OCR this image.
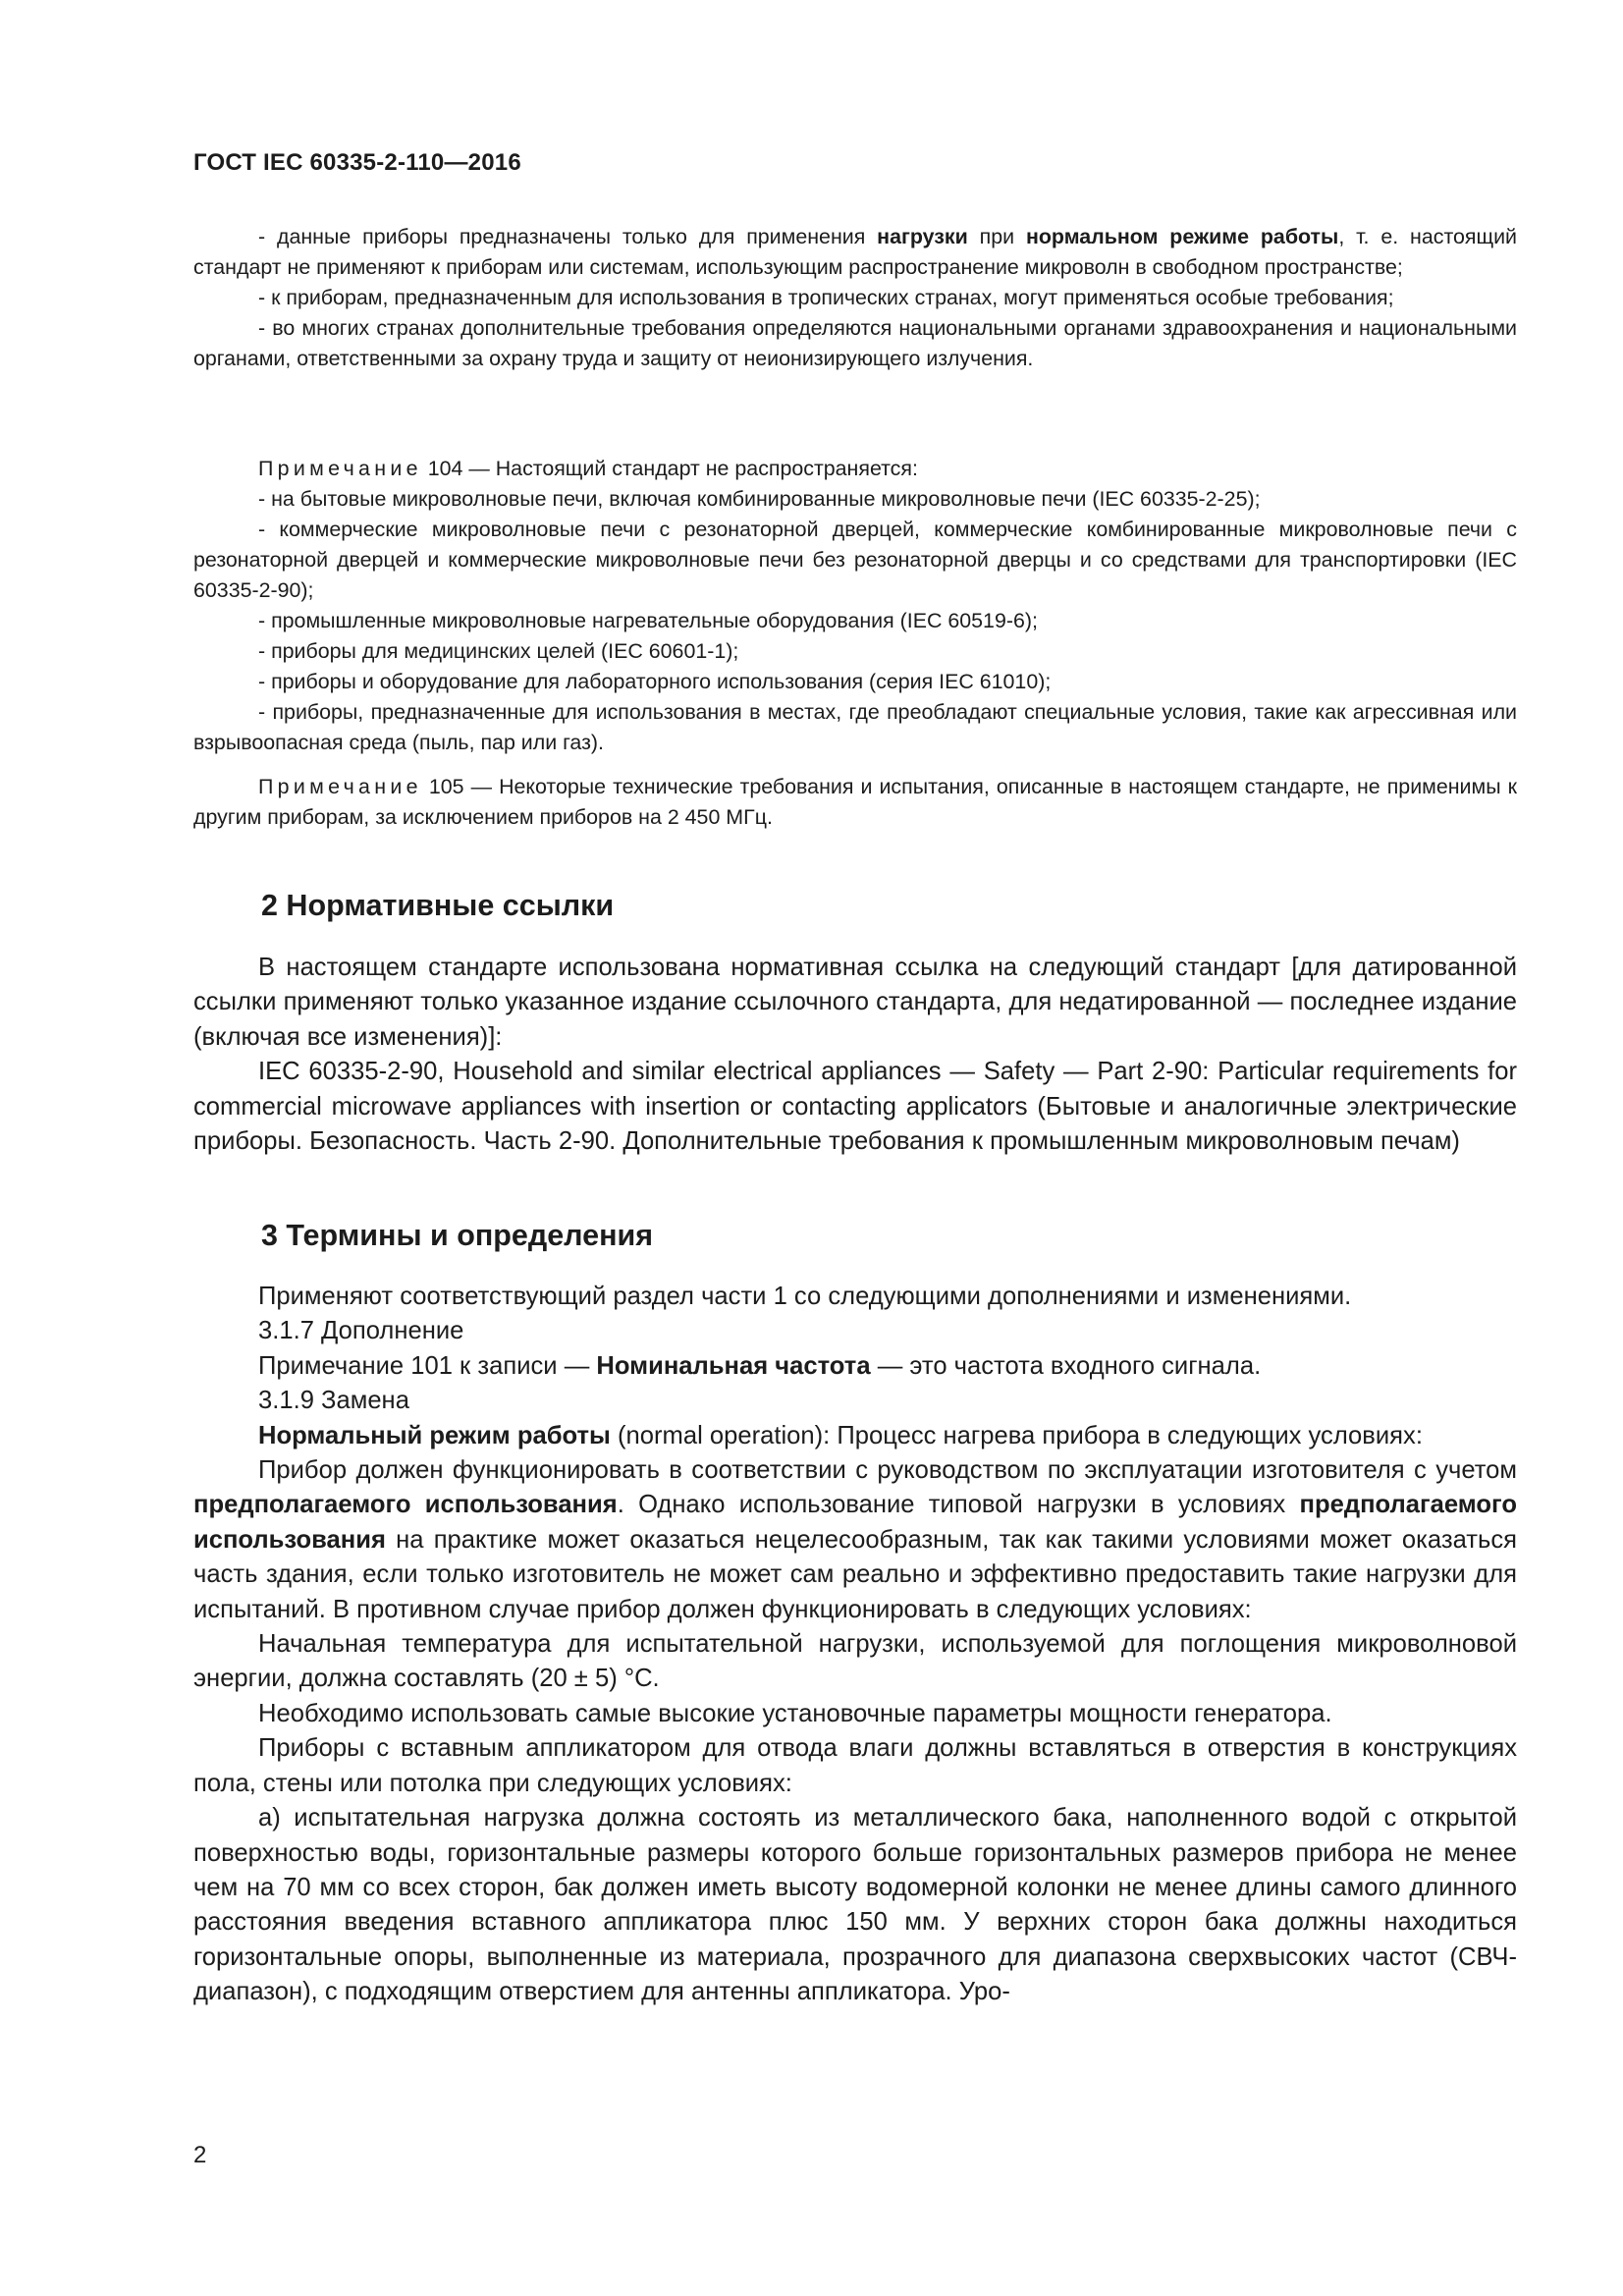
ГОСТ IEC 60335-2-110—2016

- данные приборы предназначены только для применения нагрузки при нормальном режиме работы, т. е. настоящий стандарт не применяют к приборам или системам, использующим распространение микроволн в свободном пространстве;

- к приборам, предназначенным для использования в тропических странах, могут применяться особые требования;

- во многих странах дополнительные требования определяются национальными органами здравоохранения и национальными органами, ответственными за охрану труда и защиту от неионизирующего излучения.

Примечание 104 — Настоящий стандарт не распространяется:

- на бытовые микроволновые печи, включая комбинированные микроволновые печи (IEC 60335-2-25);

- коммерческие микроволновые печи с резонаторной дверцей, коммерческие комбинированные микроволновые печи с резонаторной дверцей и коммерческие микроволновые печи без резонаторной дверцы и со средствами для транспортировки (IEC 60335-2-90);

- промышленные микроволновые нагревательные оборудования (IEC 60519-6);

- приборы для медицинских целей (IEC 60601-1);

- приборы и оборудование для лабораторного использования (серия IEC 61010);

- приборы, предназначенные для использования в местах, где преобладают специальные условия, такие как агрессивная или взрывоопасная среда (пыль, пар или газ).

Примечание 105 — Некоторые технические требования и испытания, описанные в настоящем стандарте, не применимы к другим приборам, за исключением приборов на 2 450 МГц.

2 Нормативные ссылки

В настоящем стандарте использована нормативная ссылка на следующий стандарт [для датированной ссылки применяют только указанное издание ссылочного стандарта, для недатированной — последнее издание (включая все изменения)]:

IEC 60335-2-90, Household and similar electrical appliances — Safety — Part 2-90: Particular requirements for commercial microwave appliances with insertion or contacting applicators (Бытовые и аналогичные электрические приборы. Безопасность. Часть 2-90. Дополнительные требования к промышленным микроволновым печам)

3 Термины и определения

Применяют соответствующий раздел части 1 со следующими дополнениями и изменениями.

3.1.7 Дополнение

Примечание 101 к записи — Номинальная частота — это частота входного сигнала.

3.1.9 Замена

Нормальный режим работы (normal operation): Процесс нагрева прибора в следующих условиях:

Прибор должен функционировать в соответствии с руководством по эксплуатации изготовителя с учетом предполагаемого использования. Однако использование типовой нагрузки в условиях предполагаемого использования на практике может оказаться нецелесообразным, так как такими условиями может оказаться часть здания, если только изготовитель не может сам реально и эффективно предоставить такие нагрузки для испытаний. В противном случае прибор должен функционировать в следующих условиях:

Начальная температура для испытательной нагрузки, используемой для поглощения микроволновой энергии, должна составлять (20 ± 5) °C.

Необходимо использовать самые высокие установочные параметры мощности генератора.

Приборы с вставным аппликатором для отвода влаги должны вставляться в отверстия в конструкциях пола, стены или потолка при следующих условиях:

а) испытательная нагрузка должна состоять из металлического бака, наполненного водой с открытой поверхностью воды, горизонтальные размеры которого больше горизонтальных размеров прибора не менее чем на 70 мм со всех сторон, бак должен иметь высоту водомерной колонки не менее длины самого длинного расстояния введения вставного аппликатора плюс 150 мм. У верхних сторон бака должны находиться горизонтальные опоры, выполненные из материала, прозрачного для диапазона сверхвысоких частот (СВЧ-диапазон), с подходящим отверстием для антенны аппликатора. Уро-

2
